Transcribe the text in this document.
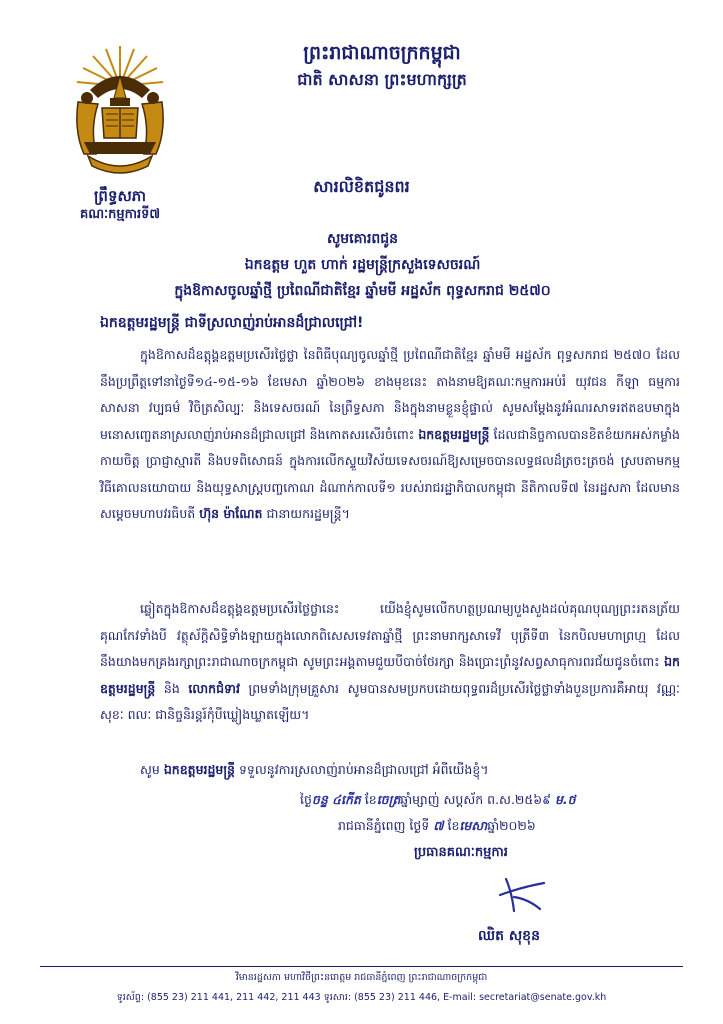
ព្រឹទ្ធសភា
គណៈកម្មការទី៧
ព្រះរាជាណាចក្រកម្ពុជា
ជាតិ សាសនា ព្រះមហាក្សត្រ
សារលិខិតជូនពរ
សូមគោរពជូន
ឯកឧត្តម ហួត ហាក់ រដ្ឋមន្ត្រីក្រសួងទេសចរណ៍
ក្នុងឱកាសចូលឆ្នាំថ្មី ប្រពៃណីជាតិខ្មែរ ឆ្នាំមមី អដ្ឋស័ក ពុទ្ធសករាជ ២៥៧០
ឯកឧត្តមរដ្ឋមន្ត្រី ជាទីស្រលាញ់រាប់អានដ៏ជ្រាលជ្រៅ!
ក្នុងឱកាសដ៏ឧត្តុង្គឧត្តមប្រសើរថ្លៃថ្លា នៃពិធីបុណ្យចូលឆ្នាំថ្មី ប្រពៃណីជាតិខ្មែរ ឆ្នាំមមី អដ្ឋស័ក ពុទ្ធសករាជ ២៥៧០ ដែលនឹងប្រព្រឹត្តទៅនាថ្ងៃទី១៤-១៥-១៦ ខែមេសា ឆ្នាំ២០២៦ ខាងមុខនេះ តាងនាមឱ្យគណៈកម្មការអប់រំ យុវជន កីឡា ធម្មការ សាសនា វប្បធម៌ វិចិត្រសិល្បៈ និងទេសចរណ៍ នៃព្រឹទ្ធសភា និងក្នុងនាមខ្លួនខ្ញុំផ្ទាល់ សូមសម្តែងនូវអំណរសាទរឥតឧបមាក្នុងមនោសញ្ចេតនាស្រលាញ់រាប់អានដ៏ជ្រាលជ្រៅ និងកោតសរសើរចំពោះ ឯកឧត្តមរដ្ឋមន្ត្រី ដែលជានិច្ចកាលបានខិតខំយកអស់កម្លាំងកាយចិត្ត ប្រាជ្ញាស្មារតី និងបទពិសោធន៍ ក្នុងការលើកស្ទួយវិស័យទេសចរណ៍ឱ្យសម្រេចបានលទ្ធផលដ៏ត្រចះត្រចង់ ស្របតាមកម្មវិធីគោលនយោបាយ និងយុទ្ធសាស្ត្របញ្ចកោណ ដំណាក់កាលទី១ របស់រាជរដ្ឋាភិបាលកម្ពុជា នីតិកាលទី៧ នៃរដ្ឋសភា ដែលមានសម្តេចមហាបវរធិបតី ហ៊ុន ម៉ាណែត ជានាយករដ្ឋមន្ត្រី។
ឆ្លៀតក្នុងឱកាសដ៏ឧត្តុង្គឧត្តមប្រសើរថ្លៃថ្លានេះ យើងខ្ញុំសូមលើកហត្ថប្រណម្យបួងសួងដល់គុណបុណ្យព្រះរតនត្រ័យគុណកែវទាំងបី វត្ថុស័ក្តិសិទ្ធិទាំងឡាយក្នុងលោកពិសេសទេវតាឆ្នាំថ្មី ព្រះនាមរាក្សសាទេវី បុត្រីទី៣ នៃកបិលមហាព្រហ្ម ដែលនឹងយាងមកគ្រងរក្សាព្រះរាជាណាចក្រកម្ពុជា សូមព្រះអង្គតាមជួយបីបាច់ថែរក្សា និងប្រោះព្រំនូវសព្វសាធុការពរជ័យជូនចំពោះ ឯកឧត្តមរដ្ឋមន្ត្រី និង លោកជំទាវ ព្រមទាំងក្រុមគ្រួសារ សូមបានសមប្រកបដោយពុទ្ធពរដ៏ប្រសើរថ្លៃថ្លាទាំងបួនប្រការគឺអាយុ វណ្ណៈ សុខៈ ពលៈ ជានិច្ចនិរន្តរ៍កុំបីឃ្លៀងឃ្លាតឡើយ។
សូម ឯកឧត្តមរដ្ឋមន្ត្រី ទទួលនូវការស្រលាញ់រាប់អានដ៏ជ្រាលជ្រៅ អំពីយើងខ្ញុំ។
ថ្ងៃចន្ទ ៤កើត ខែចេត្រឆ្នាំម្សាញ់ សប្តស័ក ព.ស.២៥៦៩ ម.ថ
រាជធានីភ្នំពេញ ថ្ងៃទី ៧ ខែមេសាឆ្នាំ២០២៦
ប្រធានគណៈកម្មការ
ឈិត សុខុន
វិមានរដ្ឋសភា មហាវិថីព្រះនរោត្តម រាជធានីភ្នំពេញ ព្រះរាជាណាចក្រកម្ពុជា
ទូរស័ព្ទ: (855 23) 211 441, 211 442, 211 443 ទូរសារ: (855 23) 211 446, E-mail: secretariat@senate.gov.kh
